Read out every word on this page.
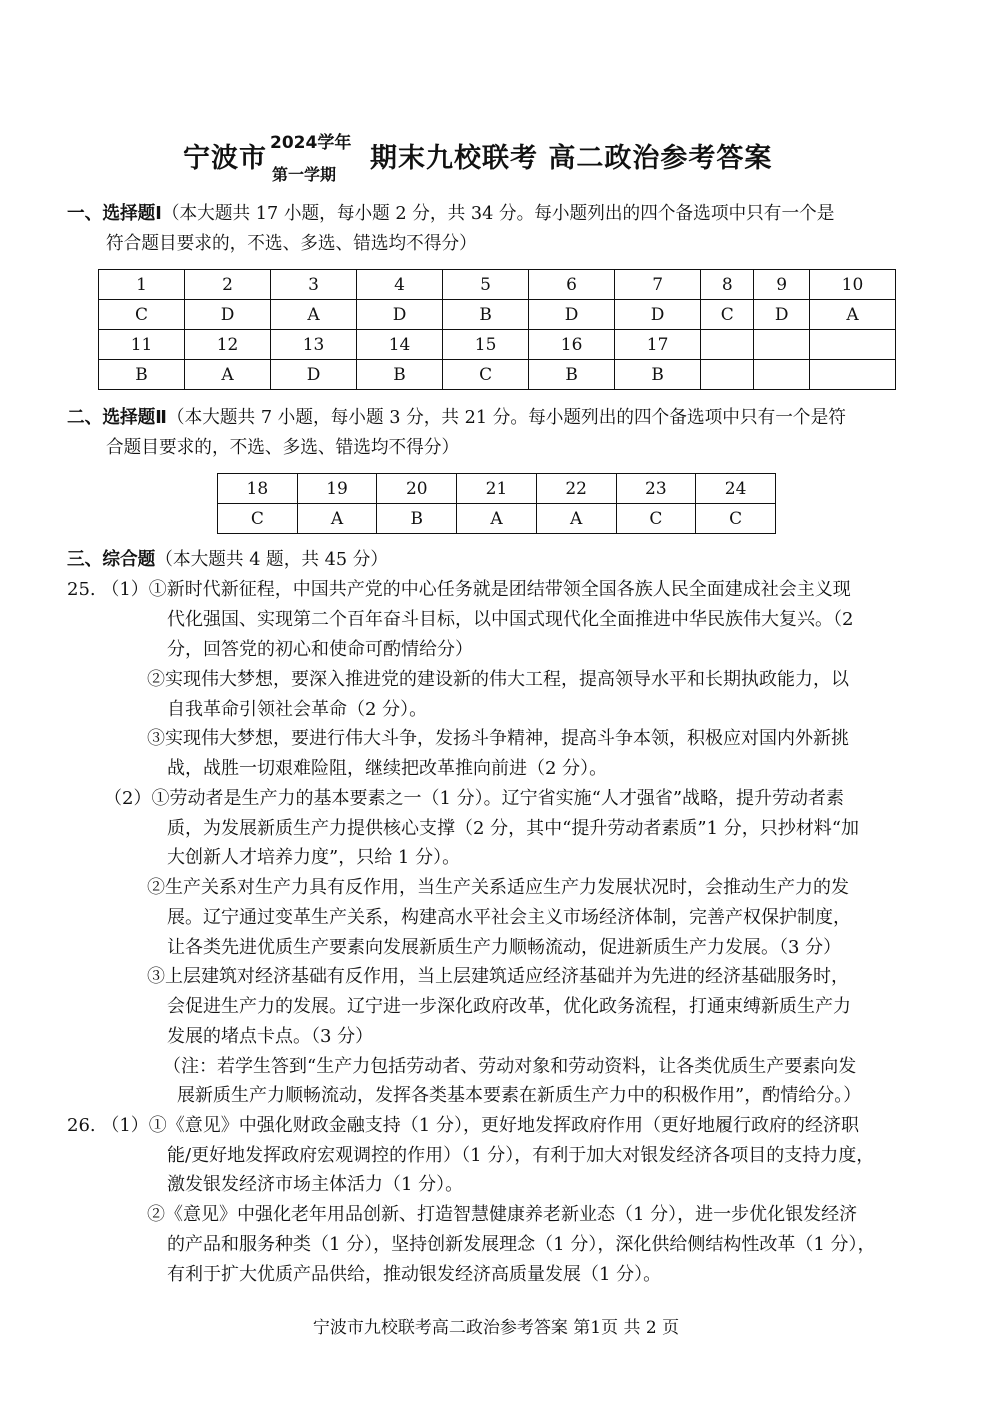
宁波市 2024学年
第一学期
期末九校联考 高二政治参考答案
一、选择题Ⅰ（本大题共 17 小题，每小题 2 分，共 34 分。每小题列出的四个备选项中只有一个是
符合题目要求的，不选、多选、错选均不得分）
1	2	3	4	5	6	7	8	9	10
C	D	A	D	B	D	D	C	D	A
11	12	13	14	15	16	17			
B	A	D	B	C	B	B			
二、选择题Ⅱ（本大题共 7 小题，每小题 3 分，共 21 分。每小题列出的四个备选项中只有一个是符
合题目要求的，不选、多选、错选均不得分）
18	19	20	21	22	23	24
C	A	B	A	A	C	C
三、综合题（本大题共 4 题，共 45 分）
25. （1）①新时代新征程，中国共产党的中心任务就是团结带领全国各族人民全面建成社会主义现
代化强国、实现第二个百年奋斗目标，以中国式现代化全面推进中华民族伟大复兴。（2
分，回答党的初心和使命可酌情给分）
②实现伟大梦想，要深入推进党的建设新的伟大工程，提高领导水平和长期执政能力，以
自我革命引领社会革命（2 分）。
③实现伟大梦想，要进行伟大斗争，发扬斗争精神，提高斗争本领，积极应对国内外新挑
战，战胜一切艰难险阻，继续把改革推向前进（2 分）。
（2）①劳动者是生产力的基本要素之一（1 分）。辽宁省实施“人才强省”战略，提升劳动者素
质，为发展新质生产力提供核心支撑（2 分，其中“提升劳动者素质”1 分，只抄材料“加
大创新人才培养力度”，只给 1 分）。
②生产关系对生产力具有反作用，当生产关系适应生产力发展状况时，会推动生产力的发
展。辽宁通过变革生产关系，构建高水平社会主义市场经济体制，完善产权保护制度，
让各类先进优质生产要素向发展新质生产力顺畅流动，促进新质生产力发展。（3 分）
③上层建筑对经济基础有反作用，当上层建筑适应经济基础并为先进的经济基础服务时，
会促进生产力的发展。辽宁进一步深化政府改革，优化政务流程，打通束缚新质生产力
发展的堵点卡点。（3 分）
（注：若学生答到“生产力包括劳动者、劳动对象和劳动资料，让各类优质生产要素向发
展新质生产力顺畅流动，发挥各类基本要素在新质生产力中的积极作用”，酌情给分。）
26. （1）①《意见》中强化财政金融支持（1 分），更好地发挥政府作用（更好地履行政府的经济职
能/更好地发挥政府宏观调控的作用）（1 分），有利于加大对银发经济各项目的支持力度，
激发银发经济市场主体活力（1 分）。
②《意见》中强化老年用品创新、打造智慧健康养老新业态（1 分），进一步优化银发经济
的产品和服务种类（1 分），坚持创新发展理念（1 分），深化供给侧结构性改革（1 分），
有利于扩大优质产品供给，推动银发经济高质量发展（1 分）。
宁波市九校联考高二政治参考答案 第1页 共 2 页
